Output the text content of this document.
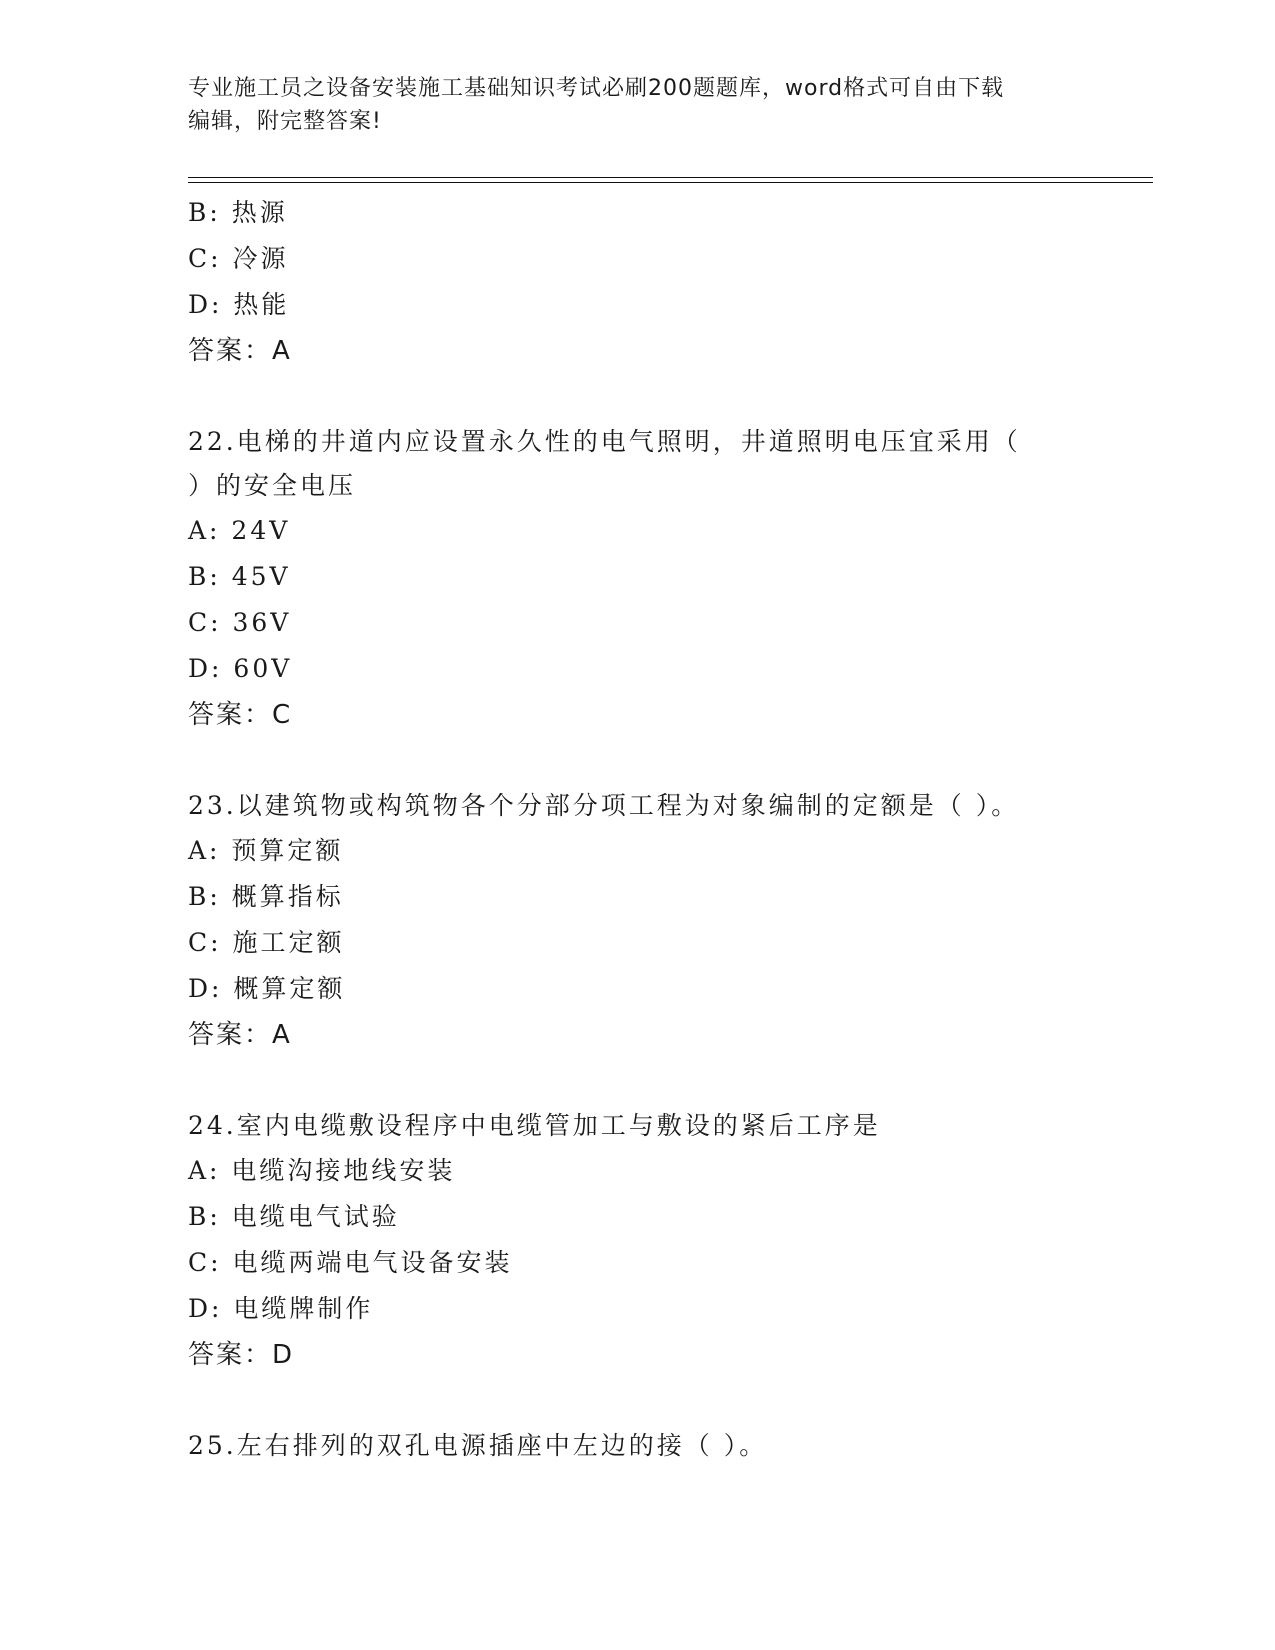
专业施工员之设备安装施工基础知识考试必刷200题题库，word格式可自由下载
编辑，附完整答案!
B: 热源
C: 冷源
D: 热能
答案：A
22.电梯的井道内应设置永久性的电气照明，井道照明电压宜采用（
）的安全电压
A: 24V
B: 45V
C: 36V
D: 60V
答案：C
23.以建筑物或构筑物各个分部分项工程为对象编制的定额是（ ）。
A: 预算定额
B: 概算指标
C: 施工定额
D: 概算定额
答案：A
24.室内电缆敷设程序中电缆管加工与敷设的紧后工序是
A: 电缆沟接地线安装
B: 电缆电气试验
C: 电缆两端电气设备安装
D: 电缆牌制作
答案：D
25.左右排列的双孔电源插座中左边的接（ ）。
